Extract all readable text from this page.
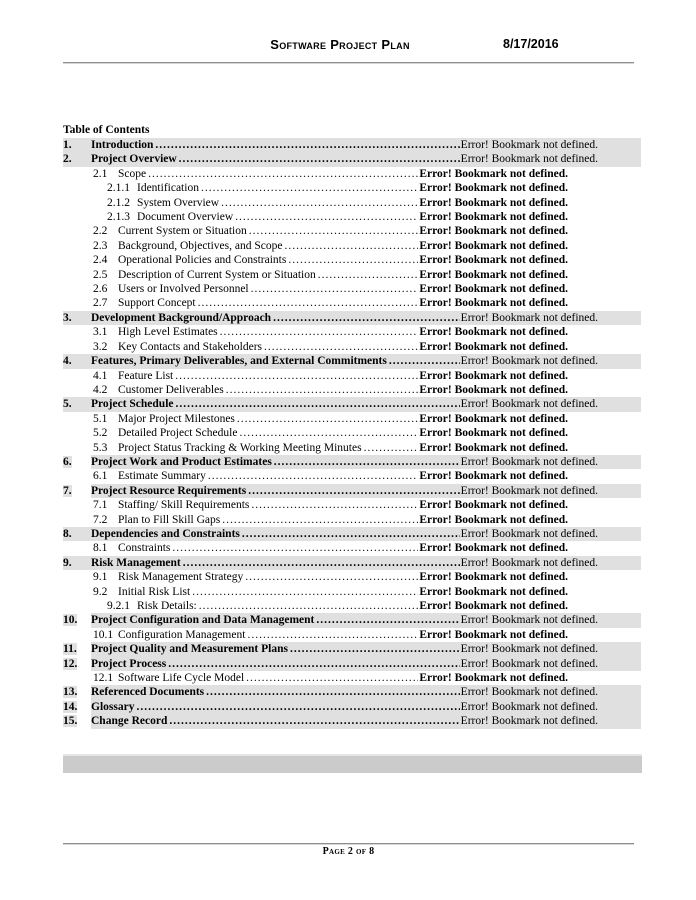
Software Project Plan	8/17/2016
Table of Contents
1.	Introduction .....	Error! Bookmark not defined.
2.	Project Overview .....	Error! Bookmark not defined.
2.1 Scope .....	Error! Bookmark not defined.
2.1.1 Identification .....	Error! Bookmark not defined.
2.1.2 System Overview .....	Error! Bookmark not defined.
2.1.3 Document Overview .....	Error! Bookmark not defined.
2.2 Current System or Situation .....	Error! Bookmark not defined.
2.3 Background, Objectives, and Scope .....	Error! Bookmark not defined.
2.4 Operational Policies and Constraints .....	Error! Bookmark not defined.
2.5 Description of Current System or Situation .....	Error! Bookmark not defined.
2.6 Users or Involved Personnel .....	Error! Bookmark not defined.
2.7 Support Concept .....	Error! Bookmark not defined.
3.	Development Background/Approach .....	Error! Bookmark not defined.
3.1 High Level Estimates .....	Error! Bookmark not defined.
3.2 Key Contacts and Stakeholders .....	Error! Bookmark not defined.
4.	Features, Primary Deliverables, and External Commitments .....	Error! Bookmark not defined.
4.1 Feature List .....	Error! Bookmark not defined.
4.2 Customer Deliverables .....	Error! Bookmark not defined.
5.	Project Schedule .....	Error! Bookmark not defined.
5.1 Major Project Milestones .....	Error! Bookmark not defined.
5.2 Detailed Project Schedule .....	Error! Bookmark not defined.
5.3 Project Status Tracking & Working Meeting Minutes .....	Error! Bookmark not defined.
6.	Project Work and Product Estimates .....	Error! Bookmark not defined.
6.1 Estimate Summary .....	Error! Bookmark not defined.
7.	Project Resource Requirements .....	Error! Bookmark not defined.
7.1 Staffing/ Skill Requirements .....	Error! Bookmark not defined.
7.2 Plan to Fill Skill Gaps .....	Error! Bookmark not defined.
8.	Dependencies and Constraints .....	Error! Bookmark not defined.
8.1 Constraints .....	Error! Bookmark not defined.
9.	Risk Management .....	Error! Bookmark not defined.
9.1 Risk Management Strategy .....	Error! Bookmark not defined.
9.2 Initial Risk List .....	Error! Bookmark not defined.
9.2.1 Risk Details: .....	Error! Bookmark not defined.
10.	Project Configuration and Data Management .....	Error! Bookmark not defined.
10.1 Configuration Management .....	Error! Bookmark not defined.
11.	Project Quality and Measurement Plans .....	Error! Bookmark not defined.
12.	Project Process .....	Error! Bookmark not defined.
12.1 Software Life Cycle Model .....	Error! Bookmark not defined.
13.	Referenced Documents .....	Error! Bookmark not defined.
14.	Glossary .....	Error! Bookmark not defined.
15.	Change Record .....	Error! Bookmark not defined.
Page 2 of 8
